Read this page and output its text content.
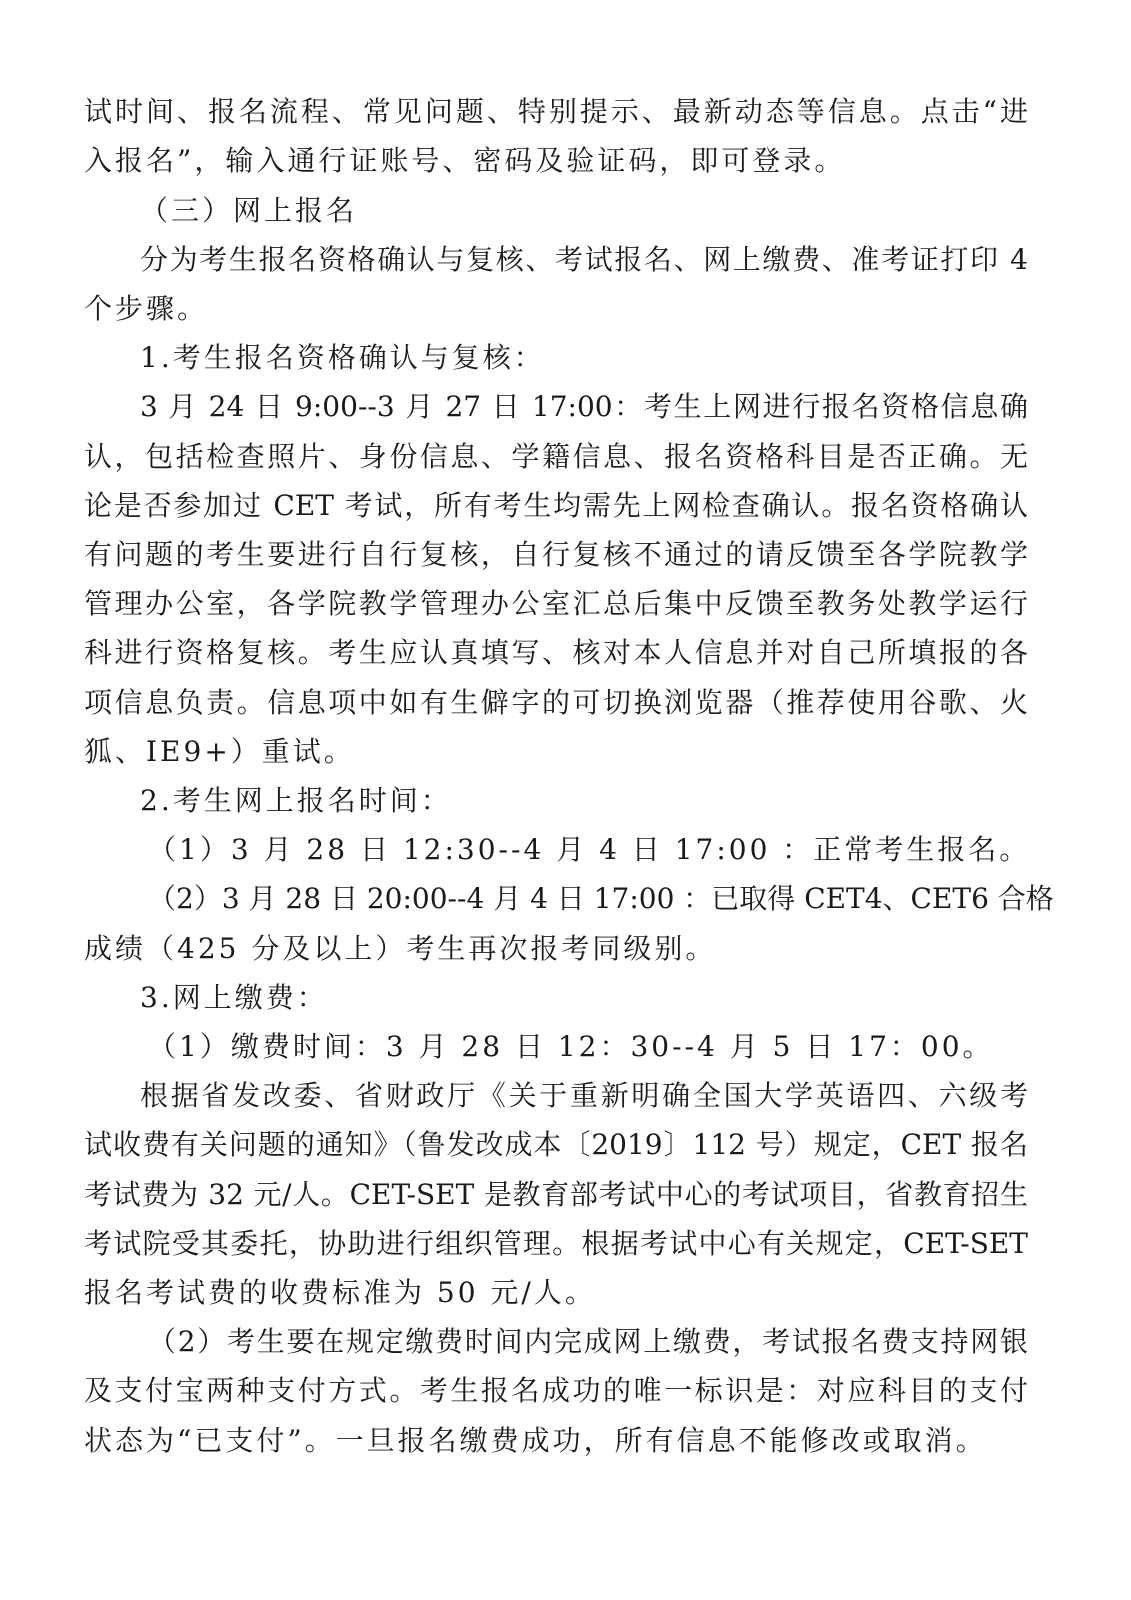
试时间、报名流程、常见问题、特别提示、最新动态等信息。点击“进
入报名”，输入通行证账号、密码及验证码，即可登录。
（三）网上报名
分为考生报名资格确认与复核、考试报名、网上缴费、准考证打印 4
个步骤。
1.考生报名资格确认与复核：
3 月 24 日 9:00--3 月 27 日 17:00：考生上网进行报名资格信息确
认，包括检查照片、身份信息、学籍信息、报名资格科目是否正确。无
论是否参加过 CET 考试，所有考生均需先上网检查确认。报名资格确认
有问题的考生要进行自行复核，自行复核不通过的请反馈至各学院教学
管理办公室，各学院教学管理办公室汇总后集中反馈至教务处教学运行
科进行资格复核。考生应认真填写、核对本人信息并对自己所填报的各
项信息负责。信息项中如有生僻字的可切换浏览器（推荐使用谷歌、火
狐、IE9+）重试。
2.考生网上报名时间：
（1）3 月 28 日 12:30--4 月 4 日 17:00 ：正常考生报名。
（2）3 月 28 日 20:00--4 月 4 日 17:00 ：已取得 CET4、CET6 合格
成绩（425 分及以上）考生再次报考同级别。
3.网上缴费：
（1）缴费时间：3 月 28 日 12：30--4 月 5 日 17：00。
根据省发改委、省财政厅《关于重新明确全国大学英语四、六级考
试收费有关问题的通知》（鲁发改成本〔2019〕112 号）规定，CET 报名
考试费为 32 元/人。CET-SET 是教育部考试中心的考试项目，省教育招生
考试院受其委托，协助进行组织管理。根据考试中心有关规定，CET-SET
报名考试费的收费标准为 50 元/人。
（2）考生要在规定缴费时间内完成网上缴费，考试报名费支持网银
及支付宝两种支付方式。考生报名成功的唯一标识是：对应科目的支付
状态为“已支付”。一旦报名缴费成功，所有信息不能修改或取消。
